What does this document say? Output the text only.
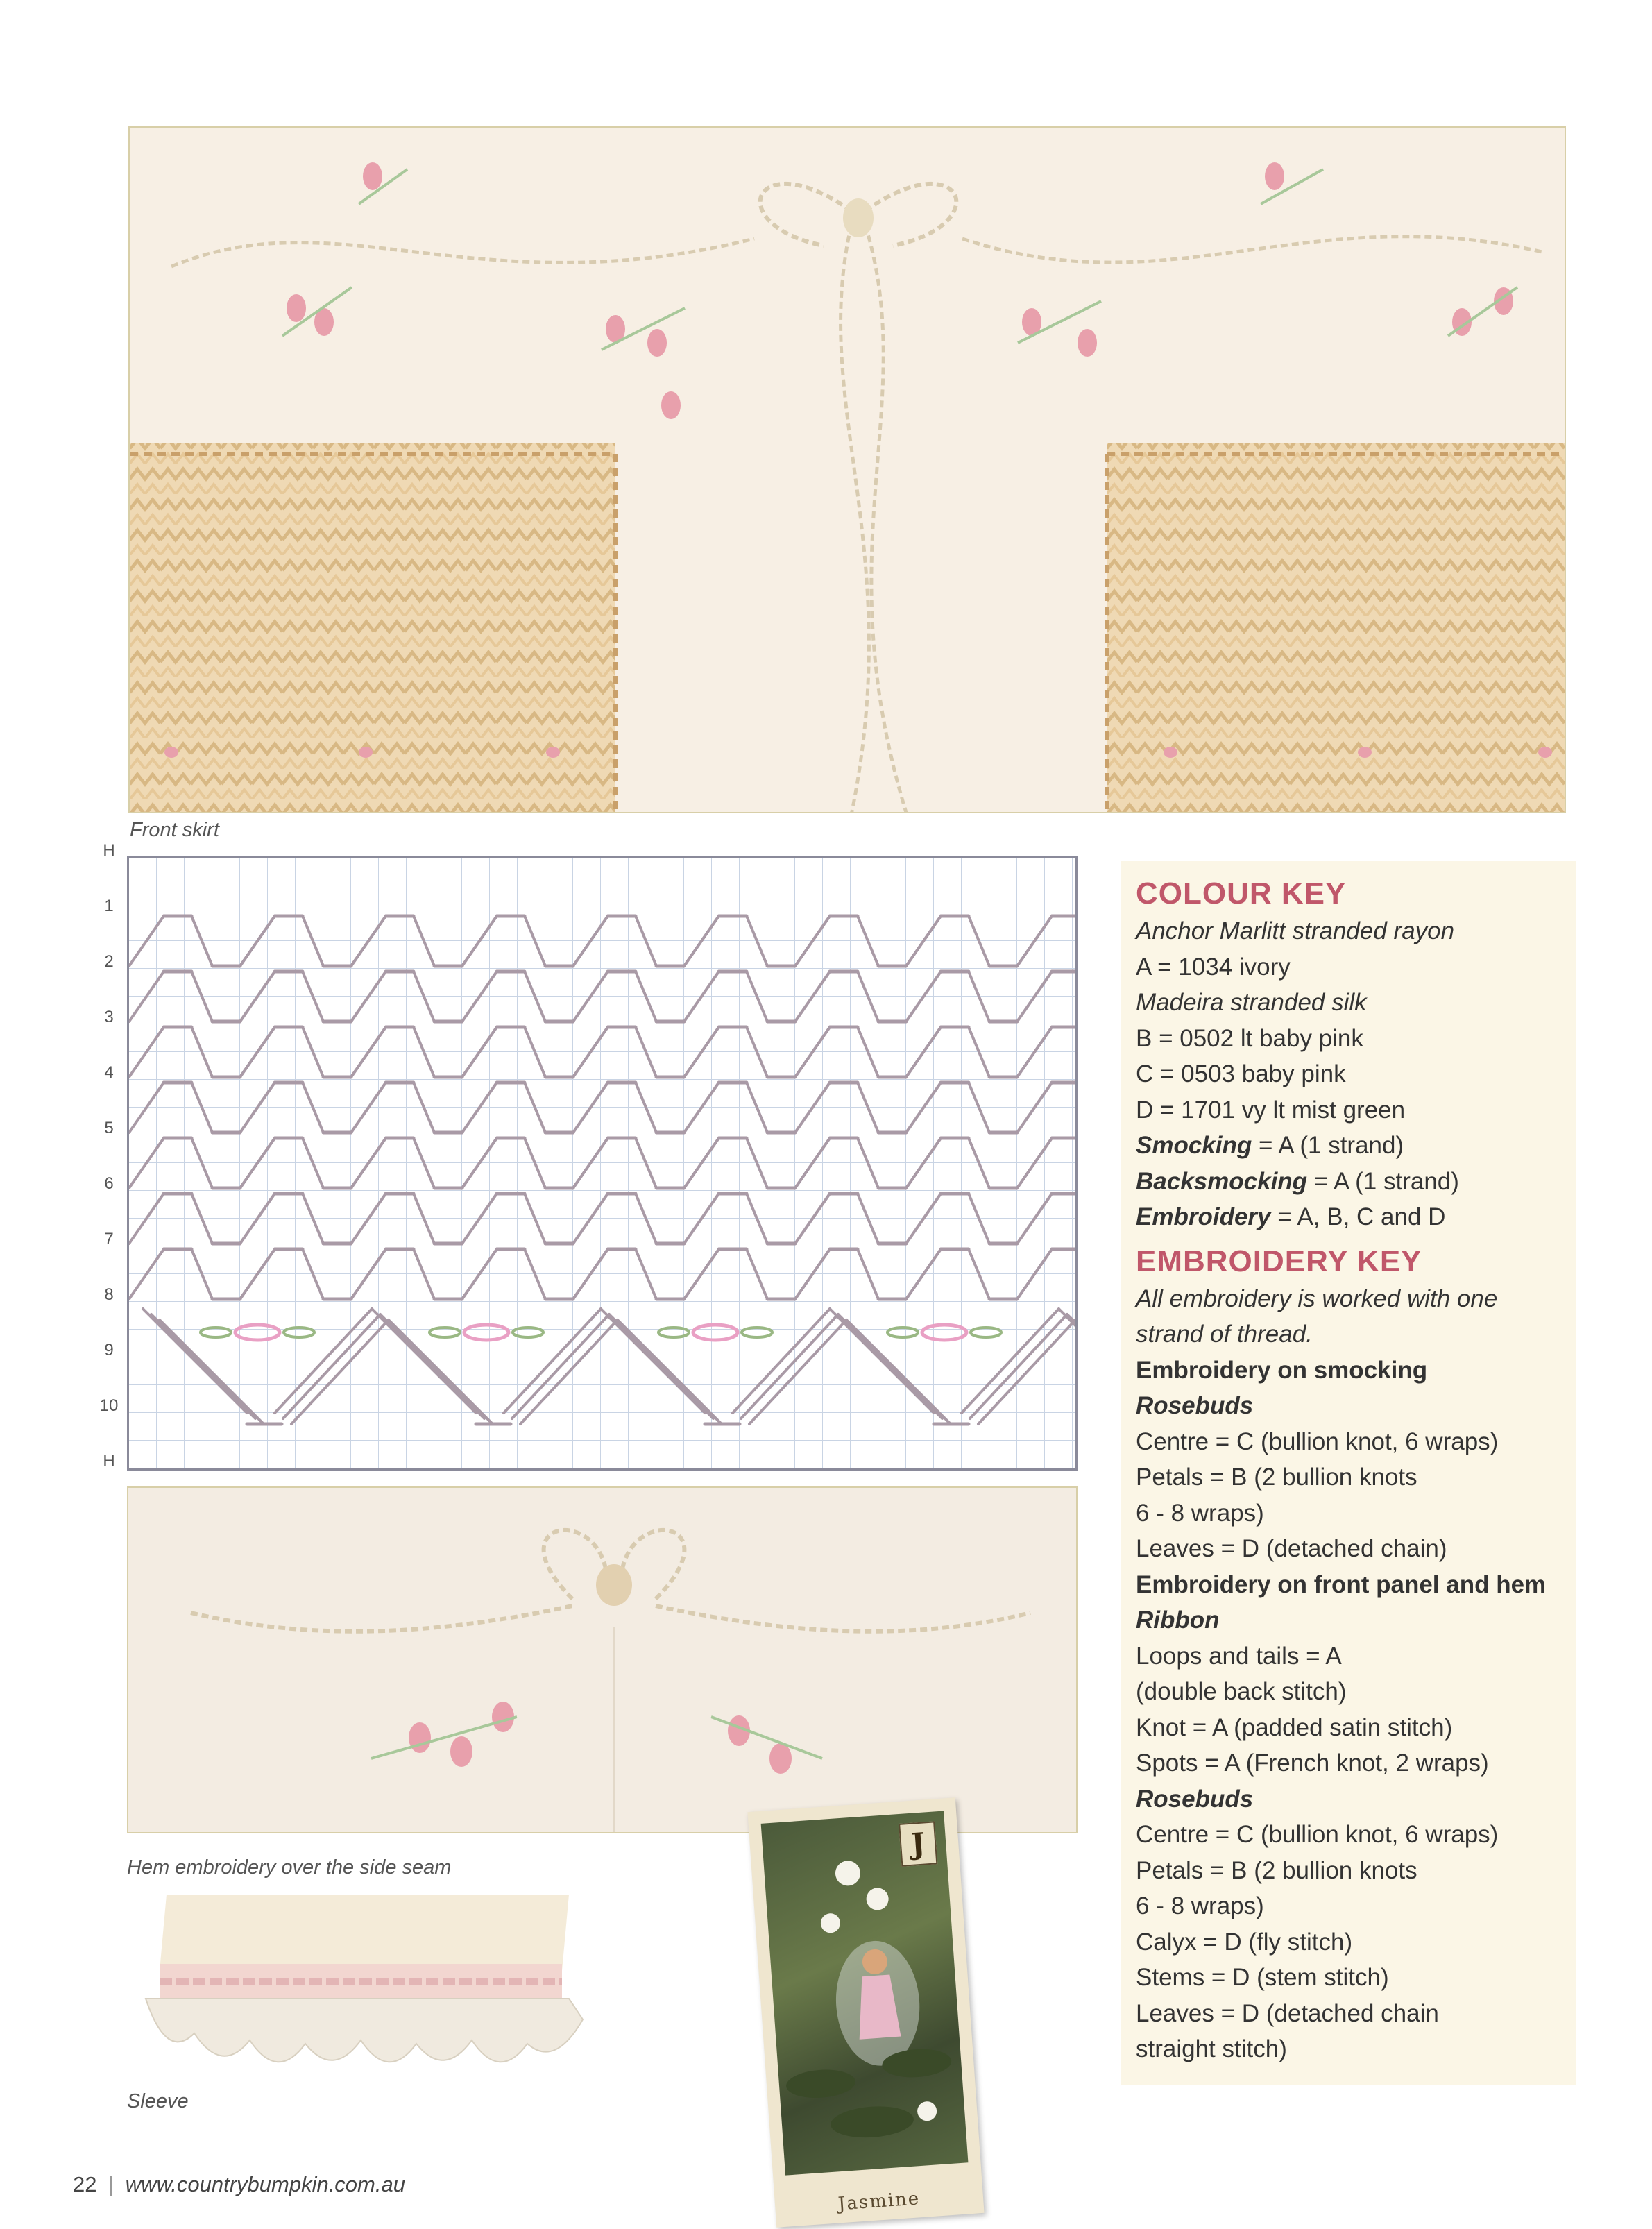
Front skirt
H
1
2
3
4
5
6
7
8
9
10
H
Hem embroidery over the side seam
Sleeve
J
Jasmine
COLOUR KEY
Anchor Marlitt stranded rayon
A = 1034 ivory
Madeira stranded silk
B = 0502 lt baby pink
C = 0503 baby pink
D = 1701 vy lt mist green
Smocking = A (1 strand)
Backsmocking = A (1 strand)
Embroidery = A, B, C and D
EMBROIDERY KEY
All embroidery is worked with one
strand of thread.
Embroidery on smocking
Rosebuds
Centre = C (bullion knot, 6 wraps)
Petals = B (2 bullion knots
6 - 8 wraps)
Leaves = D (detached chain)
Embroidery on front panel and hem
Ribbon
Loops and tails = A
(double back stitch)
Knot = A (padded satin stitch)
Spots = A (French knot, 2 wraps)
Rosebuds
Centre = C (bullion knot, 6 wraps)
Petals = B (2 bullion knots
6 - 8 wraps)
Calyx = D (fly stitch)
Stems = D (stem stitch)
Leaves = D (detached chain
straight stitch)
22 | www.countrybumpkin.com.au
